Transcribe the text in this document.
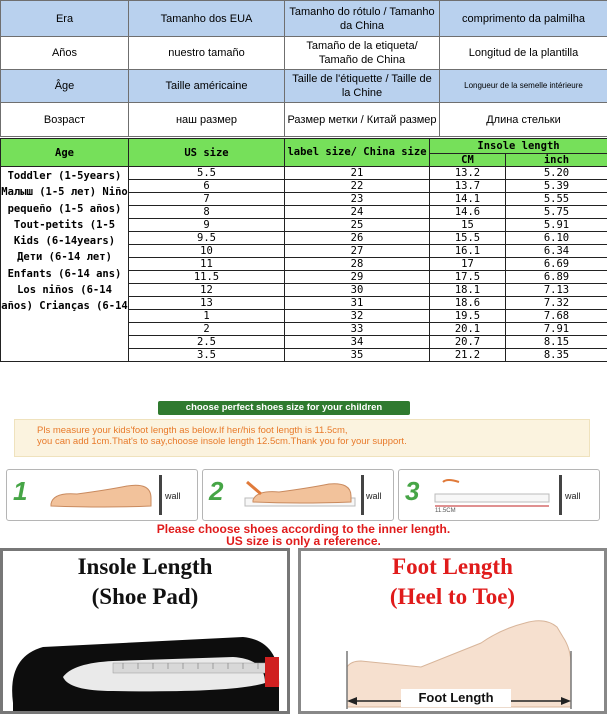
Era	Tamanho dos EUA	Tamanho do rótulo / Tamanho da China	comprimento da palmilha
Años	nuestro tamaño	Tamaño de la etiqueta/ Tamaño de China	Longitud de la plantilla
Âge	Taille américaine	Taille de l'étiquette / Taille de la Chine	Longueur de la semelle intérieure
Возраст	наш размер	Размер метки / Китай размер	Длина стельки
Age	US size	label size/ China size	Insole length	
			CM	inch
Toddler (1-5years) Малыш (1-5 лет) Niño pequeño (1-5 años) Tout-petits (1-5 Kids (6-14years) Дети (6-14 лет) Enfants (6-14 ans) Los niños (6-14 años) Crianças (6-14	5.5	21	13.2	5.20
	6	22	13.7	5.39
	7	23	14.1	5.55
	8	24	14.6	5.75
	9	25	15	5.91
	9.5	26	15.5	6.10
	10	27	16.1	6.34
	11	28	17	6.69
	11.5	29	17.5	6.89
	12	30	18.1	7.13
	13	31	18.6	7.32
	1	32	19.5	7.68
	2	33	20.1	7.91
	2.5	34	20.7	8.15
	3.5	35	21.2	8.35
choose perfect shoes size for your children

Pls measure your kids'foot length as below.If her/his foot length is 11.5cm,

you can add 1cm.That's to say,choose insole length 12.5cm.Thank you for your support.

1	wall 2	wall 3
11.5CM
wall
Please choose shoes according to the inner length.
US size is only a reference.
Insole Length
(Shoe Pad)
Foot Length
(Heel to Toe)
Foot Length
